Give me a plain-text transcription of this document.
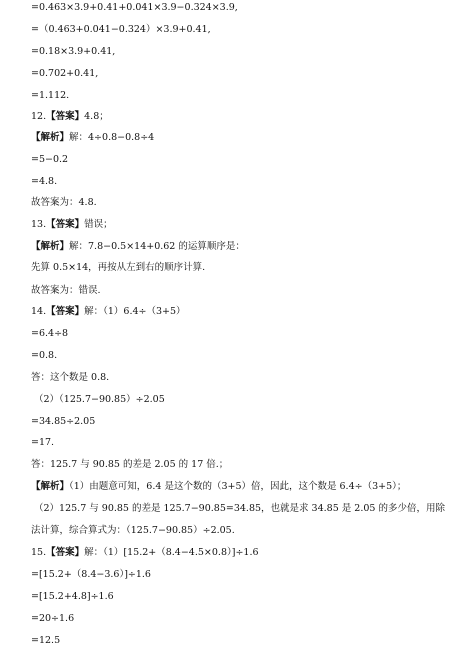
=0.463×3.9+0.41+0.041×3.9−0.324×3.9,
=（0.463+0.041−0.324）×3.9+0.41,
=0.18×3.9+0.41,
=0.702+0.41,
=1.112.
12.【答案】4.8；
【解析】解：4÷0.8−0.8÷4
=5−0.2
=4.8.
故答案为：4.8.
13.【答案】错误；
【解析】解：7.8−0.5×14+0.62 的运算顺序是：
先算 0.5×14，再按从左到右的顺序计算.
故答案为：错误.
14.【答案】解：（1）6.4÷（3+5）
=6.4÷8
=0.8.
答：这个数是 0.8.
（2）（125.7−90.85）÷2.05
=34.85÷2.05
=17.
答：125.7 与 90.85 的差是 2.05 的 17 倍.；
【解析】（1）由题意可知，6.4 是这个数的（3+5）倍，因此，这个数是 6.4÷（3+5）；
（2）125.7 与 90.85 的差是 125.7−90.85=34.85，也就是求 34.85 是 2.05 的多少倍，用除
法计算，综合算式为：（125.7−90.85）÷2.05.
15.【答案】解：（1）[15.2+（8.4−4.5×0.8）]÷1.6
=[15.2+（8.4−3.6）]÷1.6
=[15.2+4.8]÷1.6
=20÷1.6
=12.5
